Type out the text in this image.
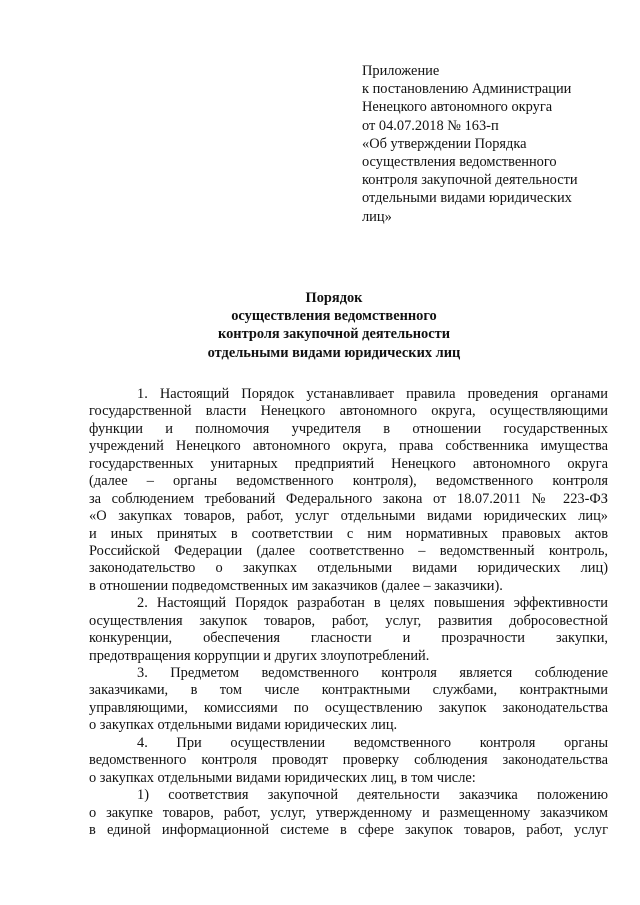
Приложение
к постановлению Администрации
Ненецкого автономного округа
от 04.07.2018 № 163-п
«Об утверждении Порядка
осуществления ведомственного
контроля закупочной деятельности
отдельными видами юридических
лиц»
Порядок
осуществления ведомственного
контроля закупочной деятельности
отдельными видами юридических лиц
1. Настоящий Порядок устанавливает правила проведения органами
государственной власти Ненецкого автономного округа, осуществляющими
функции и полномочия учредителя в отношении государственных
учреждений Ненецкого автономного округа, права собственника имущества
государственных унитарных предприятий Ненецкого автономного округа
(далее – органы ведомственного контроля), ведомственного контроля
за соблюдением требований Федерального закона от 18.07.2011 № 223-ФЗ
«О закупках товаров, работ, услуг отдельными видами юридических лиц»
и иных принятых в соответствии с ним нормативных правовых актов
Российской Федерации (далее соответственно – ведомственный контроль,
законодательство о закупках отдельными видами юридических лиц)
в отношении подведомственных им заказчиков (далее – заказчики).
2. Настоящий Порядок разработан в целях повышения эффективности
осуществления закупок товаров, работ, услуг, развития добросовестной
конкуренции, обеспечения гласности и прозрачности закупки,
предотвращения коррупции и других злоупотреблений.
3. Предметом ведомственного контроля является соблюдение
заказчиками, в том числе контрактными службами, контрактными
управляющими, комиссиями по осуществлению закупок законодательства
о закупках отдельными видами юридических лиц.
4. При осуществлении ведомственного контроля органы
ведомственного контроля проводят проверку соблюдения законодательства
о закупках отдельными видами юридических лиц, в том числе:
1) соответствия закупочной деятельности заказчика положению
о закупке товаров, работ, услуг, утвержденному и размещенному заказчиком
в единой информационной системе в сфере закупок товаров, работ, услуг
